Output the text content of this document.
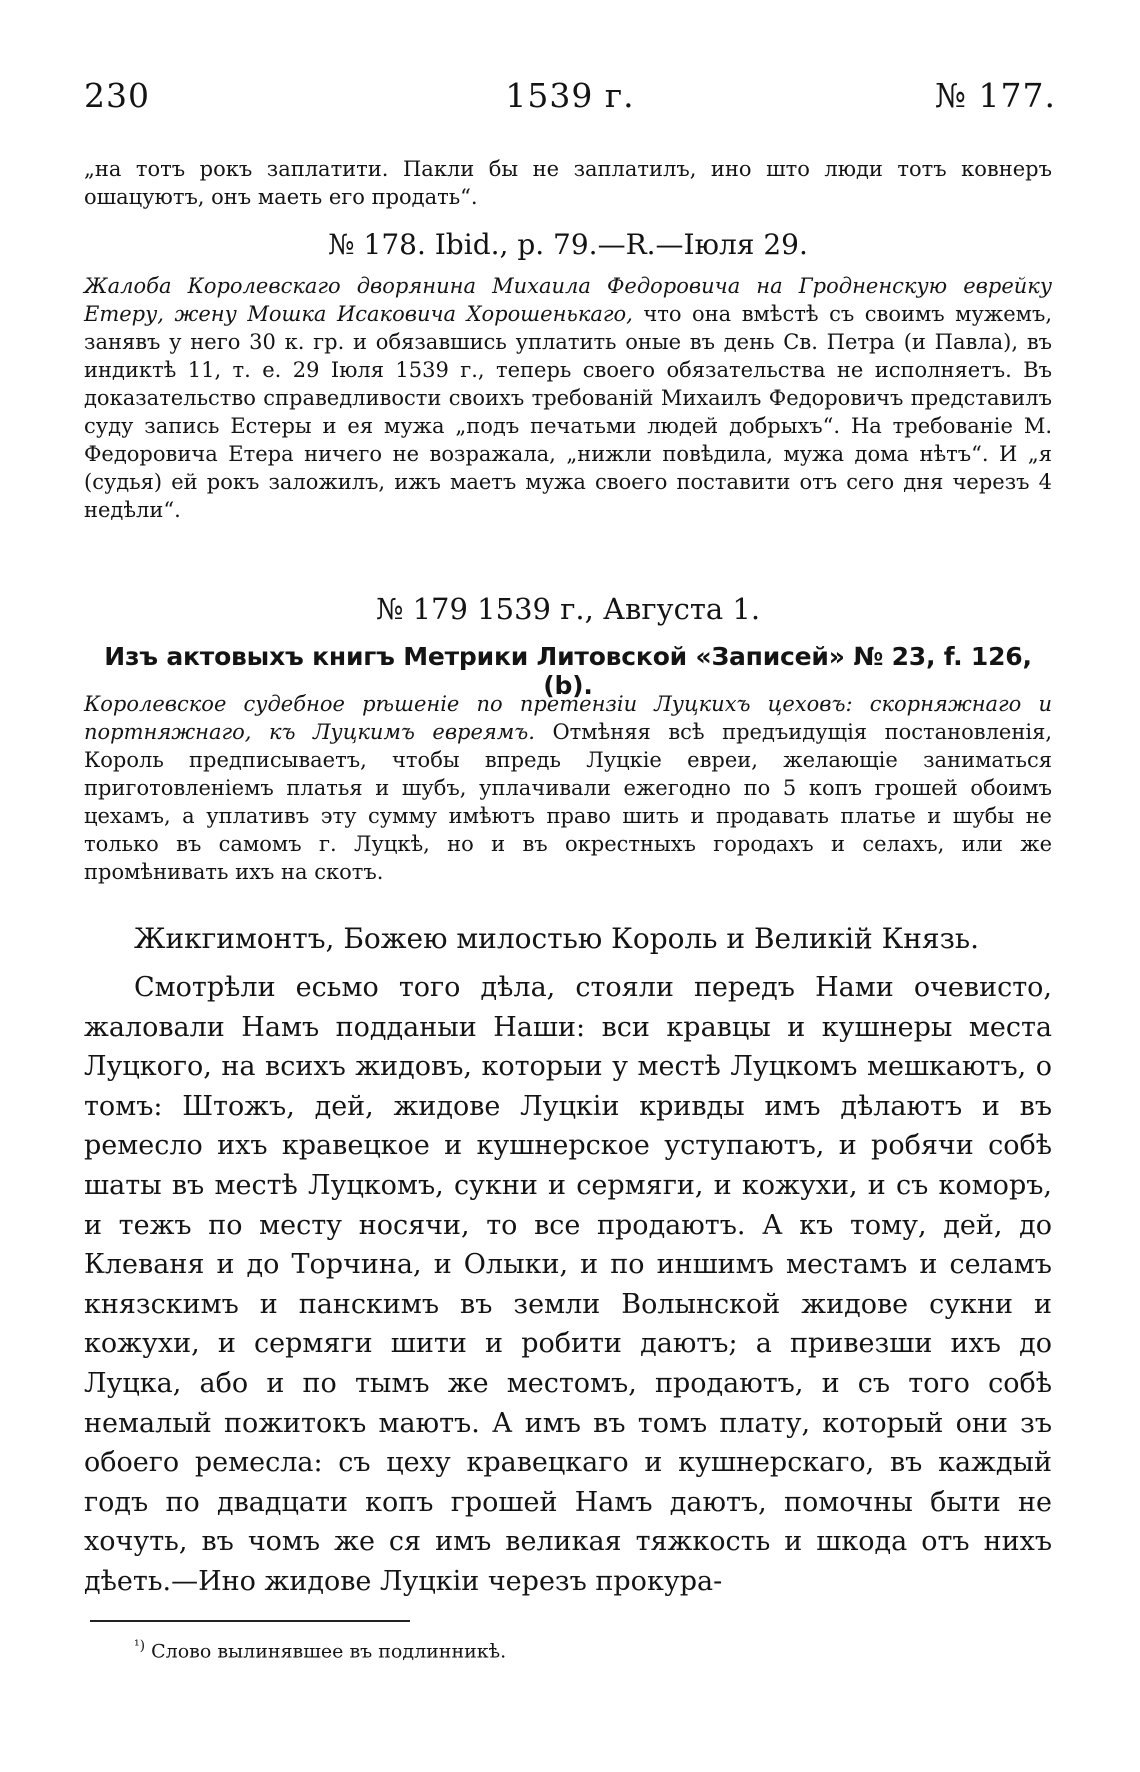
230	1539 г.	№ 177.

„на тотъ рокъ заплатити. Пакли бы не заплатилъ, ино што люди тотъ ковнеръ ошацуютъ, онъ маеть его продать“.

№ 178. Ibid., p. 79.—R.—Іюля 29.

Жалоба Королевскаго дворянина Михаила Федоровича на Гродненскую еврейку Етеру, жену Мошка Исаковича Хорошенькаго, что она вмѣстѣ съ своимъ мужемъ, занявъ у него 30 к. гр. и обязавшись уплатить оные въ день Св. Петра (и Павла), въ индиктѣ 11, т. е. 29 Іюля 1539 г., теперь своего обязательства не исполняетъ. Въ доказательство справедливости своихъ требованій Михаилъ Федоровичъ представилъ суду запись Естеры и ея мужа „подъ печатьми людей добрыхъ“. На требованіе М. Федоровича Етера ничего не возражала, „нижли повѣдила, мужа дома нѣтъ“. И „я (судья) ей рокъ заложилъ, ижъ маетъ мужа своего поставити отъ сего дня черезъ 4 недѣли“.

№ 179 1539 г., Августа 1.
Изъ актовыхъ книгъ Метрики Литовской «Записей» № 23, f. 126, (b).

Королевское судебное рѣшеніе по претензіи Луцкихъ цеховъ: скорняжнаго и портняжнаго, къ Луцкимъ евреямъ. Отмѣняя всѣ предъидущія постановленія, Король предписываетъ, чтобы впредь Луцкіе евреи, желающіе заниматься приготовленіемъ платья и шубъ, уплачивали ежегодно по 5 копъ грошей обоимъ цехамъ, а уплативъ эту сумму имѣютъ право шить и продавать платье и шубы не только въ самомъ г. Луцкѣ, но и въ окрестныхъ городахъ и селахъ, или же промѣнивать ихъ на скотъ.

Жикгимонтъ, Божею милостью Король и Великій Князь.

Смотрѣли есьмо того дѣла, стояли передъ Нами очевисто, жаловали Намъ подданыи Наши: вси кравцы и кушнеры места Луцкого, на всихъ жидовъ, которыи у местѣ Луцкомъ мешкаютъ, о томъ: Штожъ, дей, жидове Луцкіи кривды имъ дѣлаютъ и въ ремесло ихъ кравецкое и кушнерское уступаютъ, и робячи собѣ шаты въ местѣ Луцкомъ, сукни и сермяги, и кожухи, и съ коморъ, и тежъ по месту носячи, то все продаютъ. А къ тому, дей, до Клеваня и до Торчина, и Олыки, и по иншимъ местамъ и селамъ князскимъ и панскимъ въ земли Волынской жидове сукни и кожухи, и сермяги шити и робити даютъ; а привезши ихъ до Луцка, або и по тымъ же местомъ, продаютъ, и съ того собѣ немалый пожитокъ маютъ. А имъ въ томъ плату, который они зъ обоего ремесла: съ цеху кравецкаго и кушнерскаго, въ каждый годъ по двадцати копъ грошей Намъ даютъ, помочны быти не хочуть, въ чомъ же ся имъ великая тяжкость и шкода отъ нихъ дѣеть.—Ино жидове Луцкіи черезъ прокура-

$^{^1)}$ Слово вылинявшее въ подлинникѣ.
